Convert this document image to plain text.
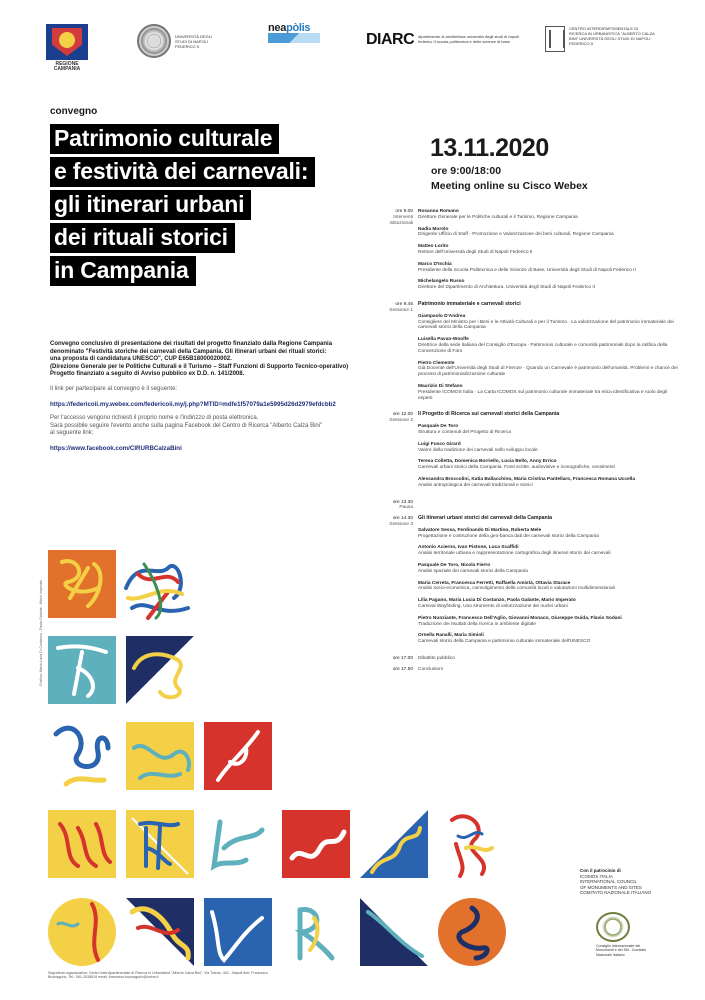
REGIONE CAMPANIA
UNIVERSITÀ DEGLI STUDI DI NAPOLI FEDERICO II
neapòlis
DIARC dipartimento di architettura università degli studi di napoli federico II scuola politecnica e delle scienze di base
CENTRO INTERDIPARTIMENTALE DI RICERCA IN URBANISTICA "ALBERTO CALZA BINI" UNIVERSITÀ DEGLI STUDI DI NAPOLI FEDERICO II
convegno
Patrimonio culturale
e festività dei carnevali:
gli itinerari urbani
dei rituali storici
in Campania

Convegno conclusivo di presentazione dei risultati del progetto finanziato dalla Regione Campania
denominato "Festività storiche dei carnevali della Campania. Gli itinerari urbani dei rituali storici:
una proposta di candidatura UNESCO", CUP E65B18000020002.
(Direzione Generale per le Politiche Culturali e il Turismo – Staff Funzioni di Supporto Tecnico-operativo)
Progetto finanziato a seguito di Avviso pubblico ex D.D. n. 141/2008.

Il link per partecipare al convegno è il seguente:

https://federicoii.my.webex.com/federicoii.my/j.php?MTID=mdfe1f57079a1e5995d26d2979efdcbb2

Per l'accesso vengono richiesti il proprio nome e l'indirizzo di posta elettronica.
Sarà possibile seguire l'evento anche sulla pagina Facebook del Centro di Ricerca "Alberto Calza Bini"
al seguente link:

https://www.facebook.com/CIRURBCalzaBini

13.11.2020
ore 9:00/18:00
Meeting online su Cisco Webex
ore 9.00
Interventi istituzionali
Rosanna Romano
Direttore Generale per le Politiche culturali e il Turismo, Regione Campania
Nadia Murolo
Dirigente Ufficio di Staff - Promozione e Valorizzazione dei beni culturali, Regione Campania
Matteo Lorito
Rettore dell'Università degli Studi di Napoli Federico II
Marco D'Ischia
Presidente della Scuola Politecnica e delle Scienze di Base, Università degli Studi di Napoli Federico II
Michelangelo Russo
Direttore del Dipartimento di Architettura, Università degli Studi di Napoli Federico II
ore 9.45
Sessione 1
Patrimonio immateriale e carnevali storici
Giampaolo D'Andrea
Consigliere del Ministro per i Beni e le Attività Culturali e per il Turismo · La valorizzazione del patrimonio immateriale dei carnevali storici della Campania
Luisella Pavan-Woolfe
Direttrice della sede italiana del Consiglio d'Europa · Patrimonio culturale e comunità patrimoniali dopo la ratifica della Convenzione di Faro
Pietro Clemente
Già Docente dell'Università degli Studi di Firenze · Quando un Carnevale è patrimonio dell'umanità. Problemi e chance dei processi di patrimonializzazione culturale
Maurizio Di Stefano
Presidente ICOMOS Italia · La Carta ICOMOS sul patrimonio culturale immateriale tra etica identificativa e ruolo degli esperti
ore 12.00
Sessione 2
Il Progetto di Ricerca sui carnevali storici della Campania
Pasquale De Toro
Struttura e contenuti del Progetto di Ricerca
Luigi Fusco Girard
Valore della tradizione dei carnevali nello sviluppo locale
Teresa Colletta, Domenica Borriello, Lucia Bello, Anny Errico
Carnevali urbani storici della Campania. Fonti scritte, audiovisive e iconografiche, censimenti
Alessandra Broccolini, Katia Ballacchino, Maria Cristina Pantellaro, Francesca Romana Uccella
Analisi antropologica dei carnevali tradizionali e storici
ore 13.30
Pausa
ore 14.30
Sessione 3
Gli itinerari urbani storici dei carnevali della Campania
Salvatore Sessa, Ferdinando Di Martino, Roberta Mele
Progettazione e costruzione della geo-banca dati dei carnevali storici della Campania
Antonio Acierno, Ivan Pistone, Luca Scaffidi
Analisi territoriale urbana e rappresentazione cartografica degli itinerari storici dei carnevali
Pasquale De Toro, Nicola Fierro
Analisi spaziale dei carnevali storici della Campania
Maria Cerreta, Francesca Ferretti, Raffaella Amistà, Ottavia Starace
Analisi socio-economica, coinvolgimento delle comunità locali e valutazioni multidimensionali
Lilia Pagano, Maria Lucia Di Costanzo, Paola Galante, Mario Imperato
Carnival Wayfinding. Uno strumento di valorizzazione dei nuclei urbani
Pietro Nunziante, Francesco Dell'Aglio, Giovanni Monaco, Giuseppe Guida, Flavio Sodani
Traduzione dei risultati della ricerca in ambiente digitale
Ornella Ranalli, Maria Simioli
Carnevali storici della Campania e patrimonio culturale immateriale dell'UNESCO
ore 17.00 Dibattito pubblico
ore 17.50 Conclusioni
Grafica: Maria Lucia Di Costanzo - Paola Galante - Mario Imperato
Con il patrocinio di
ICOMOS ITALIA
INTERNATIONAL COUNCIL
OF MONUMENTS AND SITES
COMITATO NAZIONALE ITALIANO
Consiglio Internazionale dei Monumenti e dei Siti - Comitato Nazionale Italiano
Segreteria organizzativa: Centro Interdipartimentale di Ricerca in Urbanistica "Alberto Calza Bini", Via Toledo, 402 - Napoli dott. Francesco Buonagurio, Tel.: 081-2538819 email: francesco.buonagurio@unina.it
